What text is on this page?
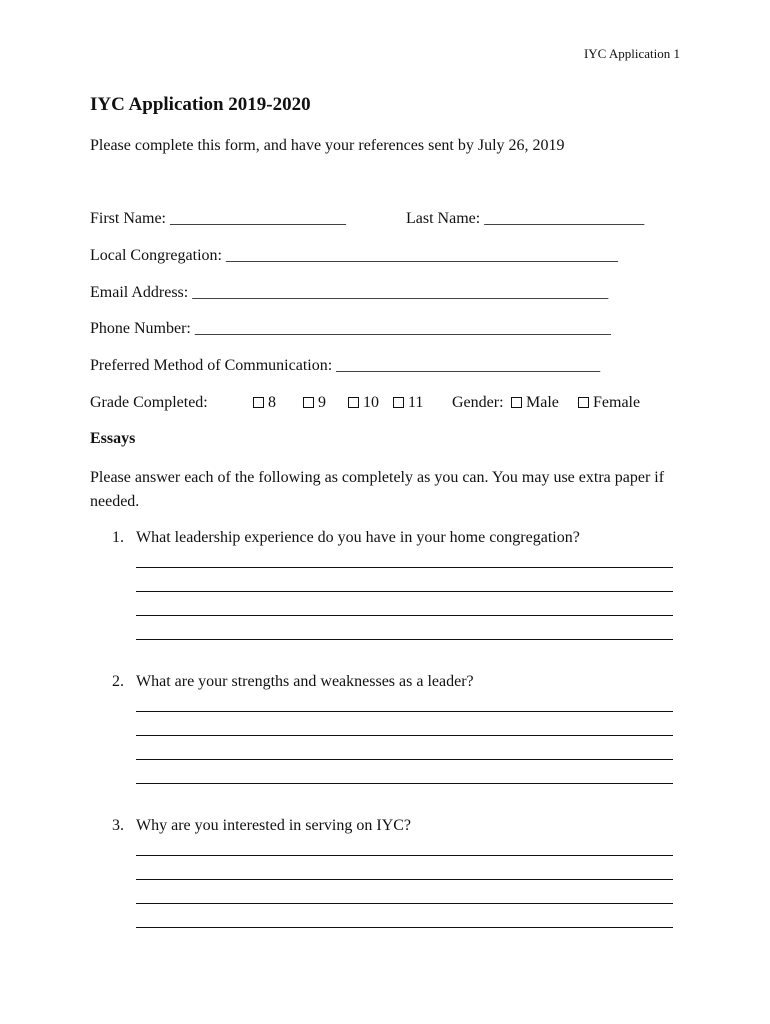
IYC Application 1
IYC Application 2019-2020
Please complete this form, and have your references sent by July 26, 2019
First Name: ______________________	Last Name: ____________________
Local Congregation: _________________________________________________
Email Address: ____________________________________________________
Phone Number: ____________________________________________________
Preferred Method of Communication: _________________________________
Grade Completed:	8	9	10	11 Gender:	Male	Female
Essays
Please answer each of the following as completely as you can. You may use extra paper if needed.
1. What leadership experience do you have in your home congregation?
2. What are your strengths and weaknesses as a leader?
3. Why are you interested in serving on IYC?
